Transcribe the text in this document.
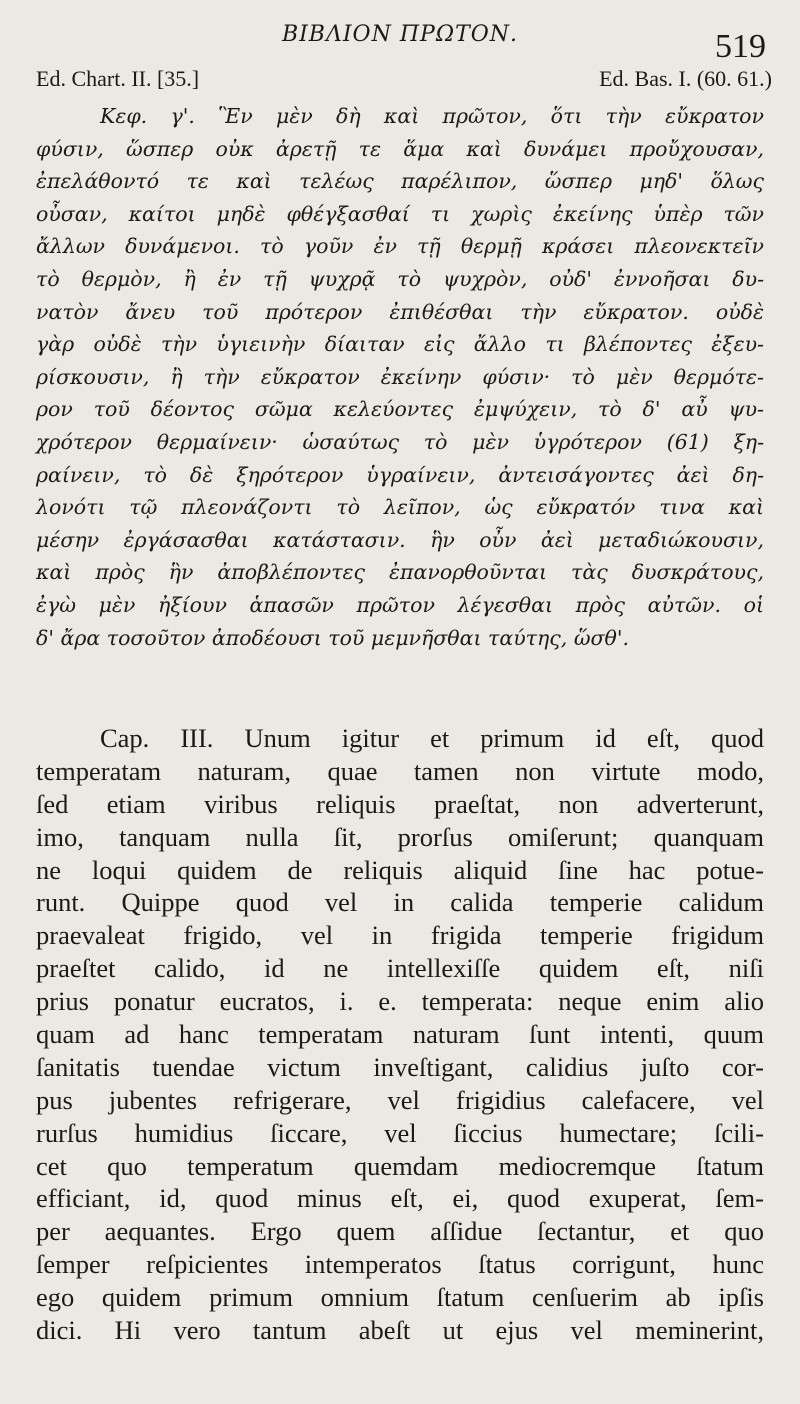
ΒΙΒΛΙΟΝ ΠΡΩΤΟΝ.	519
Ed. Chart. II. [35.]	Ed. Bas. I. (60. 61.)
Κεφ. γ'. Ἓν μὲν δὴ καὶ πρῶτον, ὅτι τὴν εὔκρατον
φύσιν, ὥσπερ οὐκ ἀρετῇ τε ἅμα καὶ δυνάμει προὔχουσαν,
ἐπελάθοντό τε καὶ τελέως παρέλιπον, ὥσπερ μηδ' ὅλως
οὖσαν, καίτοι μηδὲ φθέγξασθαί τι χωρὶς ἐκείνης ὑπὲρ τῶν
ἄλλων δυνάμενοι. τὸ γοῦν ἐν τῇ θερμῇ κράσει πλεονεκτεῖν
τὸ θερμὸν, ἢ ἐν τῇ ψυχρᾷ τὸ ψυχρὸν, οὐδ' ἐννοῆσαι δυ-
νατὸν ἄνευ τοῦ πρότερον ἐπιθέσθαι τὴν εὔκρατον. οὐδὲ
γὰρ οὐδὲ τὴν ὑγιεινὴν δίαιταν εἰς ἄλλο τι βλέποντες ἐξευ-
ρίσκουσιν, ἢ τὴν εὔκρατον ἐκείνην φύσιν· τὸ μὲν θερμότε-
ρον τοῦ δέοντος σῶμα κελεύοντες ἐμψύχειν, τὸ δ' αὖ ψυ-
χρότερον θερμαίνειν· ὡσαύτως τὸ μὲν ὑγρότερον (61) ξη-
ραίνειν, τὸ δὲ ξηρότερον ὑγραίνειν, ἀντεισάγοντες ἀεὶ δη-
λονότι τῷ πλεονάζοντι τὸ λεῖπον, ὡς εὔκρατόν τινα καὶ
μέσην ἐργάσασθαι κατάστασιν. ἣν οὖν ἀεὶ μεταδιώκουσιν,
καὶ πρὸς ἣν ἀποβλέποντες ἐπανορθοῦνται τὰς δυσκράτους,
ἐγὼ μὲν ἠξίουν ἁπασῶν πρῶτον λέγεσθαι πρὸς αὐτῶν. οἱ
δ' ἄρα τοσοῦτον ἀποδέουσι τοῦ μεμνῆσθαι ταύτης, ὥσθ'.
Cap. III. Unum igitur et primum id eſt, quod
temperatam naturam, quae tamen non virtute modo,
ſed etiam viribus reliquis praeſtat, non adverterunt,
imo, tanquam nulla ſit, prorſus omiſerunt; quanquam
ne loqui quidem de reliquis aliquid ſine hac potue-
runt. Quippe quod vel in calida temperie calidum
praevaleat frigido, vel in frigida temperie frigidum
praeſtet calido, id ne intellexiſſe quidem eſt, niſi
prius ponatur eucratos, i. e. temperata: neque enim alio
quam ad hanc temperatam naturam ſunt intenti, quum
ſanitatis tuendae victum inveſtigant, calidius juſto cor-
pus jubentes refrigerare, vel frigidius calefacere, vel
rurſus humidius ſiccare, vel ſiccius humectare; ſcili-
cet quo temperatum quemdam mediocremque ſtatum
efficiant, id, quod minus eſt, ei, quod exuperat, ſem-
per aequantes. Ergo quem aſſidue ſectantur, et quo
ſemper reſpicientes intemperatos ſtatus corrigunt, hunc
ego quidem primum omnium ſtatum cenſuerim ab ipſis
dici. Hi vero tantum abeſt ut ejus vel meminerint,
